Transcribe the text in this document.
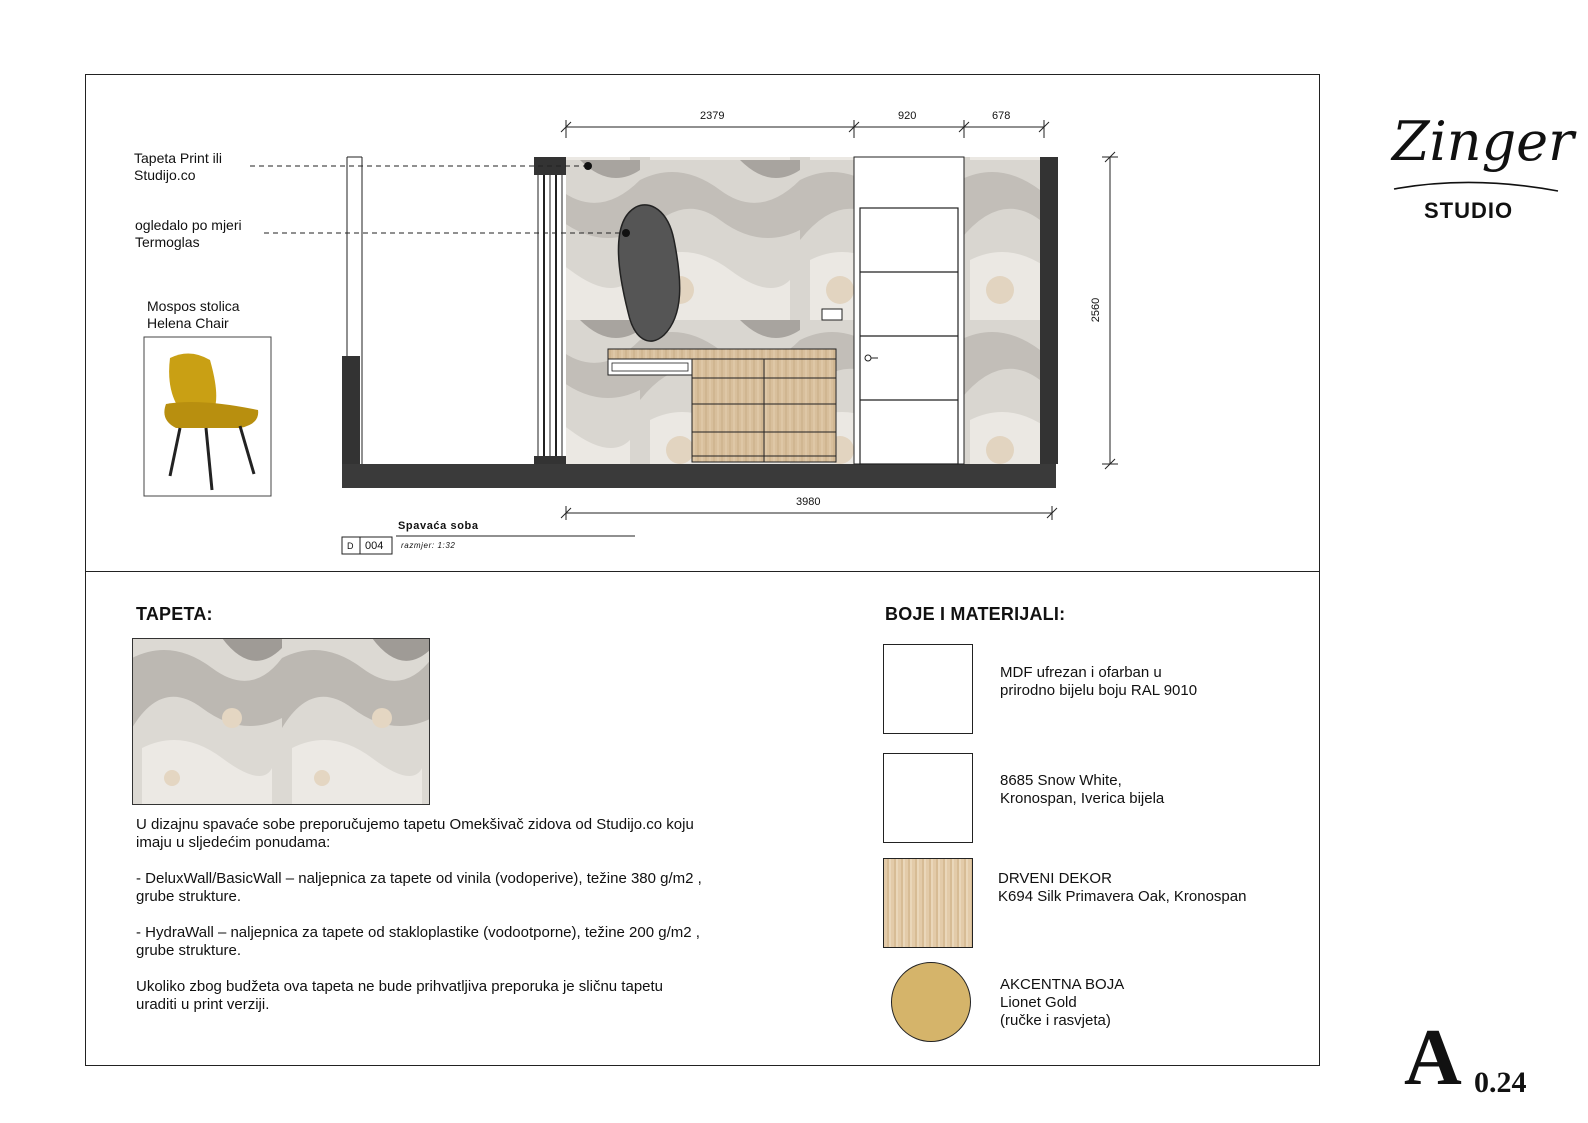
Tapeta Print ili
Studijo.co
ogledalo po mjeri
Termoglas
Mospos stolica
Helena Chair
2379	920	678
2560
3980
Spavaća soba
D 004 razmjer: 1:32
Zinger
STUDIO
TAPETA:
U dizajnu spavaće sobe preporučujemo tapetu Omekšivač zidova od Studijo.co koju
imaju u sljedećim ponudama:
- DeluxWall/BasicWall – naljepnica za tapete od vinila (vodoperive), težine 380 g/m2 ,
grube strukture.
- HydraWall – naljepnica za tapete od stakloplastike (vodootporne), težine 200 g/m2 ,
grube strukture.
Ukoliko zbog budžeta ova tapeta ne bude prihvatljiva preporuka je sličnu tapetu
uraditi u print verziji.
BOJE I MATERIJALI:
MDF ufrezan i ofarban u
prirodno bijelu boju RAL 9010
8685 Snow White,
Kronospan, Iverica bijela
DRVENI DEKOR
K694 Silk Primavera Oak, Kronospan
AKCENTNA BOJA
Lionet Gold
(ručke i rasvjeta)	A 0.24
